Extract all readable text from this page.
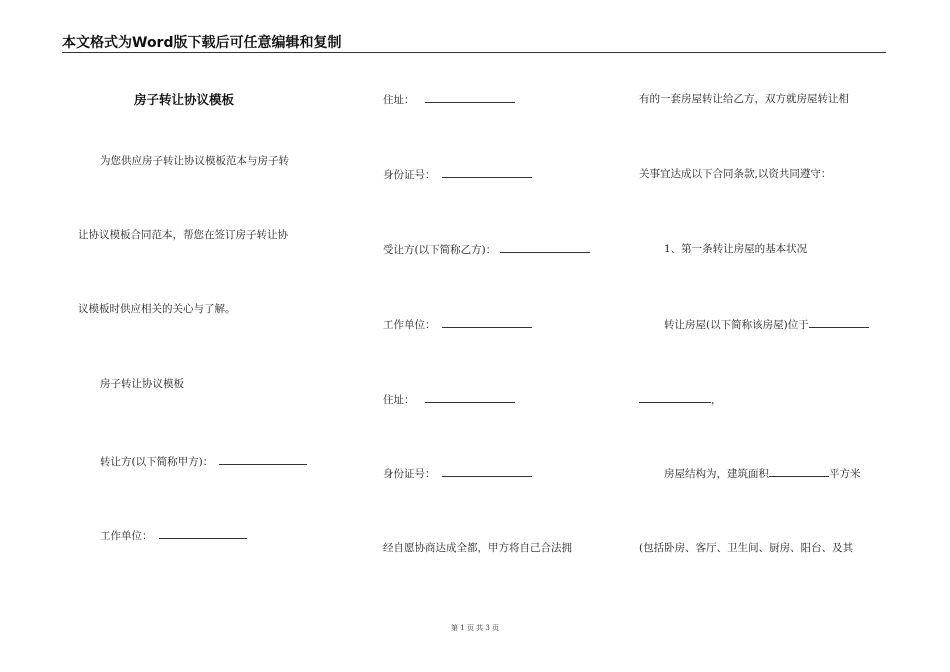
本文格式为Word版下载后可任意编辑和复制
房子转让协议模板
为您供应房子转让协议模板范本与房子转
让协议模板合同范本，帮您在签订房子转让协
议模板时供应相关的关心与了解。
房子转让协议模板
转让方(以下简称甲方)：
工作单位：
住址：
身份证号：
受让方(以下简称乙方)：
工作单位：
住址：
身份证号：
经自愿协商达成全都，甲方将自己合法拥
有的一套房屋转让给乙方，双方就房屋转让相
关事宜达成以下合同条款,以资共同遵守：
1、第一条转让房屋的基本状况
转让房屋(以下简称该房屋)位于
，
房屋结构为，建筑面积	平方米
(包括卧房、客厅、卫生间、厨房、阳台、及其
第 1 页 共 3 页
